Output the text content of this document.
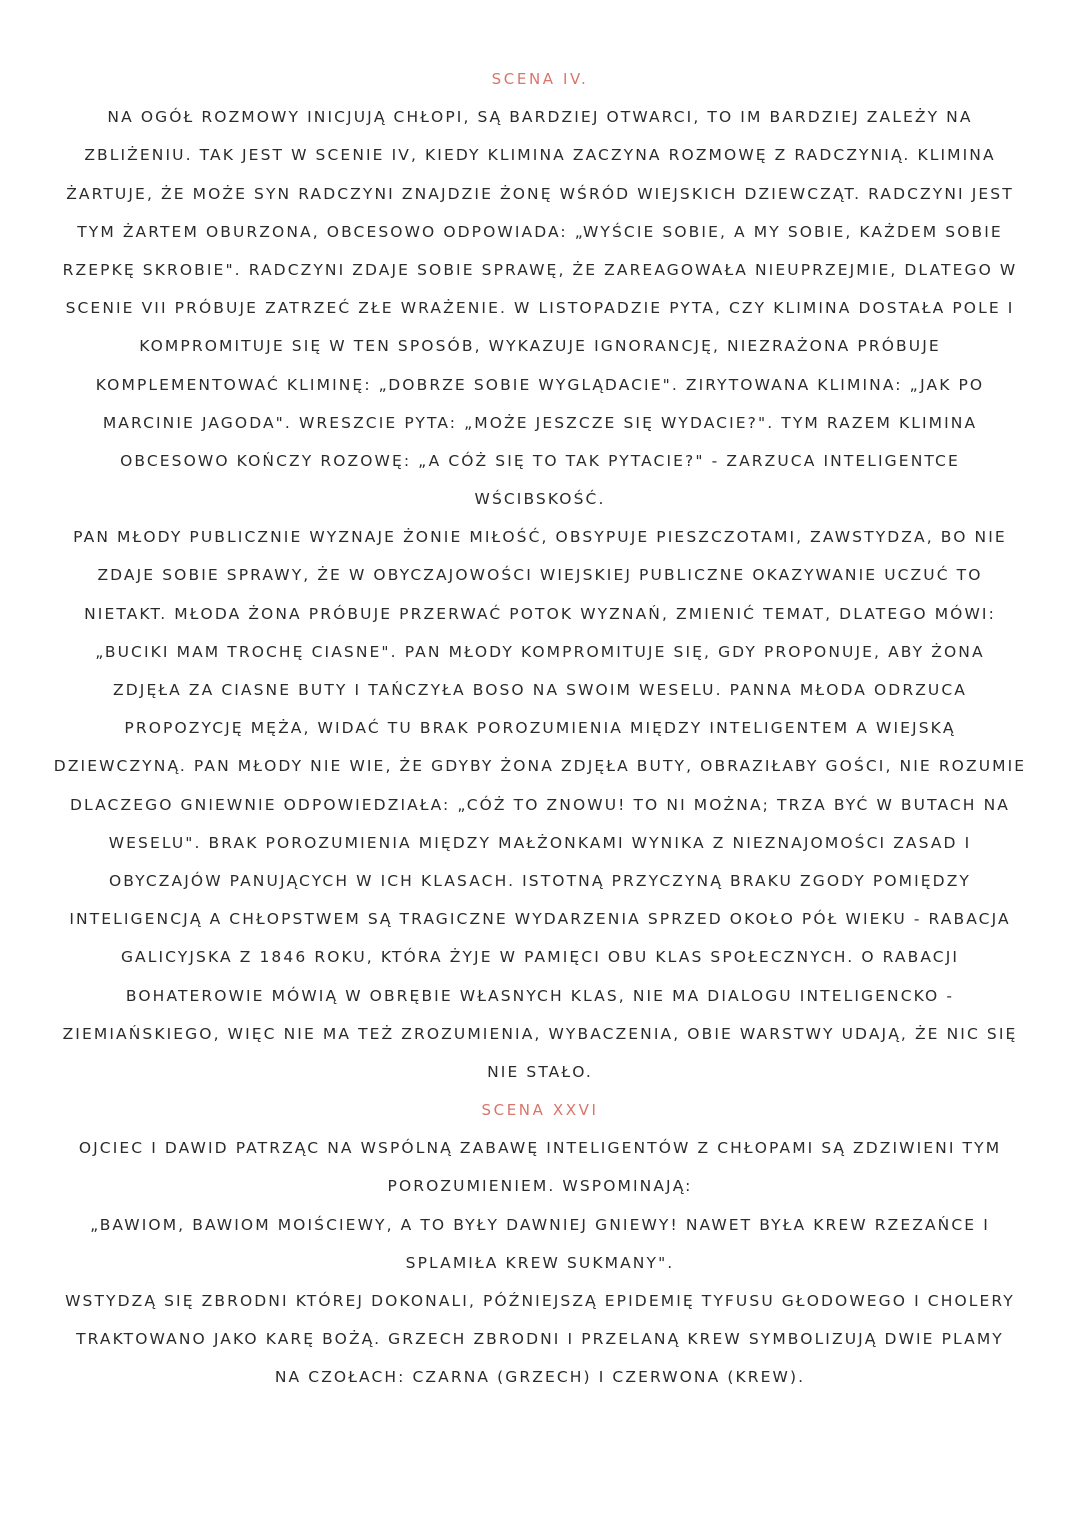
SCENA IV.
NA OGÓŁ ROZMOWY INICJUJĄ CHŁOPI, SĄ BARDZIEJ OTWARCI, TO IM BARDZIEJ ZALEŻY NA
ZBLIŻENIU. TAK JEST W SCENIE IV, KIEDY KLIMINA ZACZYNA ROZMOWĘ Z RADCZYNIĄ. KLIMINA
ŻARTUJE, ŻE MOŻE SYN RADCZYNI ZNAJDZIE ŻONĘ WŚRÓD WIEJSKICH DZIEWCZĄT. RADCZYNI JEST
TYM ŻARTEM OBURZONA, OBCESOWO ODPOWIADA: „WYŚCIE SOBIE, A MY SOBIE, KAŻDEM SOBIE
RZEPKĘ SKROBIE". RADCZYNI ZDAJE SOBIE SPRAWĘ, ŻE ZAREAGOWAŁA NIEUPRZEJMIE, DLATEGO W
SCENIE VII PRÓBUJE ZATRZEĆ ZŁE WRAŻENIE. W LISTOPADZIE PYTA, CZY KLIMINA DOSTAŁA POLE I
KOMPROMITUJE SIĘ W TEN SPOSÓB, WYKAZUJE IGNORANCJĘ, NIEZRAŻONA PRÓBUJE
KOMPLEMENTOWAĆ KLIMINĘ: „DOBRZE SOBIE WYGLĄDACIE". ZIRYTOWANA KLIMINA: „JAK PO
MARCINIE JAGODA". WRESZCIE PYTA: „MOŻE JESZCZE SIĘ WYDACIE?". TYM RAZEM KLIMINA
OBCESOWO KOŃCZY ROZOWĘ: „A CÓŻ SIĘ TO TAK PYTACIE?" - ZARZUCA INTELIGENTCE
WŚCIBSKOŚĆ.
PAN MŁODY PUBLICZNIE WYZNAJE ŻONIE MIŁOŚĆ, OBSYPUJE PIESZCZOTAMI, ZAWSTYDZA, BO NIE
ZDAJE SOBIE SPRAWY, ŻE W OBYCZAJOWOŚCI WIEJSKIEJ PUBLICZNE OKAZYWANIE UCZUĆ TO
NIETAKT. MŁODA ŻONA PRÓBUJE PRZERWAĆ POTOK WYZNAŃ, ZMIENIĆ TEMAT, DLATEGO MÓWI:
„BUCIKI MAM TROCHĘ CIASNE". PAN MŁODY KOMPROMITUJE SIĘ, GDY PROPONUJE, ABY ŻONA
ZDJĘŁA ZA CIASNE BUTY I TAŃCZYŁA BOSO NA SWOIM WESELU. PANNA MŁODA ODRZUCA
PROPOZYCJĘ MĘŻA, WIDAĆ TU BRAK POROZUMIENIA MIĘDZY INTELIGENTEM A WIEJSKĄ
DZIEWCZYNĄ. PAN MŁODY NIE WIE, ŻE GDYBY ŻONA ZDJĘŁA BUTY, OBRAZIŁABY GOŚCI, NIE ROZUMIE
DLACZEGO GNIEWNIE ODPOWIEDZIAŁA: „CÓŻ TO ZNOWU! TO NI MOŻNA; TRZA BYĆ W BUTACH NA
WESELU". BRAK POROZUMIENIA MIĘDZY MAŁŻONKAMI WYNIKA Z NIEZNAJOMOŚCI ZASAD I
OBYCZAJÓW PANUJĄCYCH W ICH KLASACH. ISTOTNĄ PRZYCZYNĄ BRAKU ZGODY POMIĘDZY
INTELIGENCJĄ A CHŁOPSTWEM SĄ TRAGICZNE WYDARZENIA SPRZED OKOŁO PÓŁ WIEKU - RABACJA
GALICYJSKA Z 1846 ROKU, KTÓRA ŻYJE W PAMIĘCI OBU KLAS SPOŁECZNYCH. O RABACJI
BOHATEROWIE MÓWIĄ W OBRĘBIE WŁASNYCH KLAS, NIE MA DIALOGU INTELIGENCKO -
ZIEMIAŃSKIEGO, WIĘC NIE MA TEŻ ZROZUMIENIA, WYBACZENIA, OBIE WARSTWY UDAJĄ, ŻE NIC SIĘ
NIE STAŁO.
SCENA XXVI
OJCIEC I DAWID PATRZĄC NA WSPÓLNĄ ZABAWĘ INTELIGENTÓW Z CHŁOPAMI SĄ ZDZIWIENI TYM
POROZUMIENIEM. WSPOMINAJĄ:
„BAWIOM, BAWIOM MOIŚCIEWY, A TO BYŁY DAWNIEJ GNIEWY! NAWET BYŁA KREW RZEZAŃCE I
SPLAMIŁA KREW SUKMANY".
WSTYDZĄ SIĘ ZBRODNI KTÓREJ DOKONALI, PÓŹNIEJSZĄ EPIDEMIĘ TYFUSU GŁODOWEGO I CHOLERY
TRAKTOWANO JAKO KARĘ BOŻĄ. GRZECH ZBRODNI I PRZELANĄ KREW SYMBOLIZUJĄ DWIE PLAMY
NA CZOŁACH: CZARNA (GRZECH) I CZERWONA (KREW).
